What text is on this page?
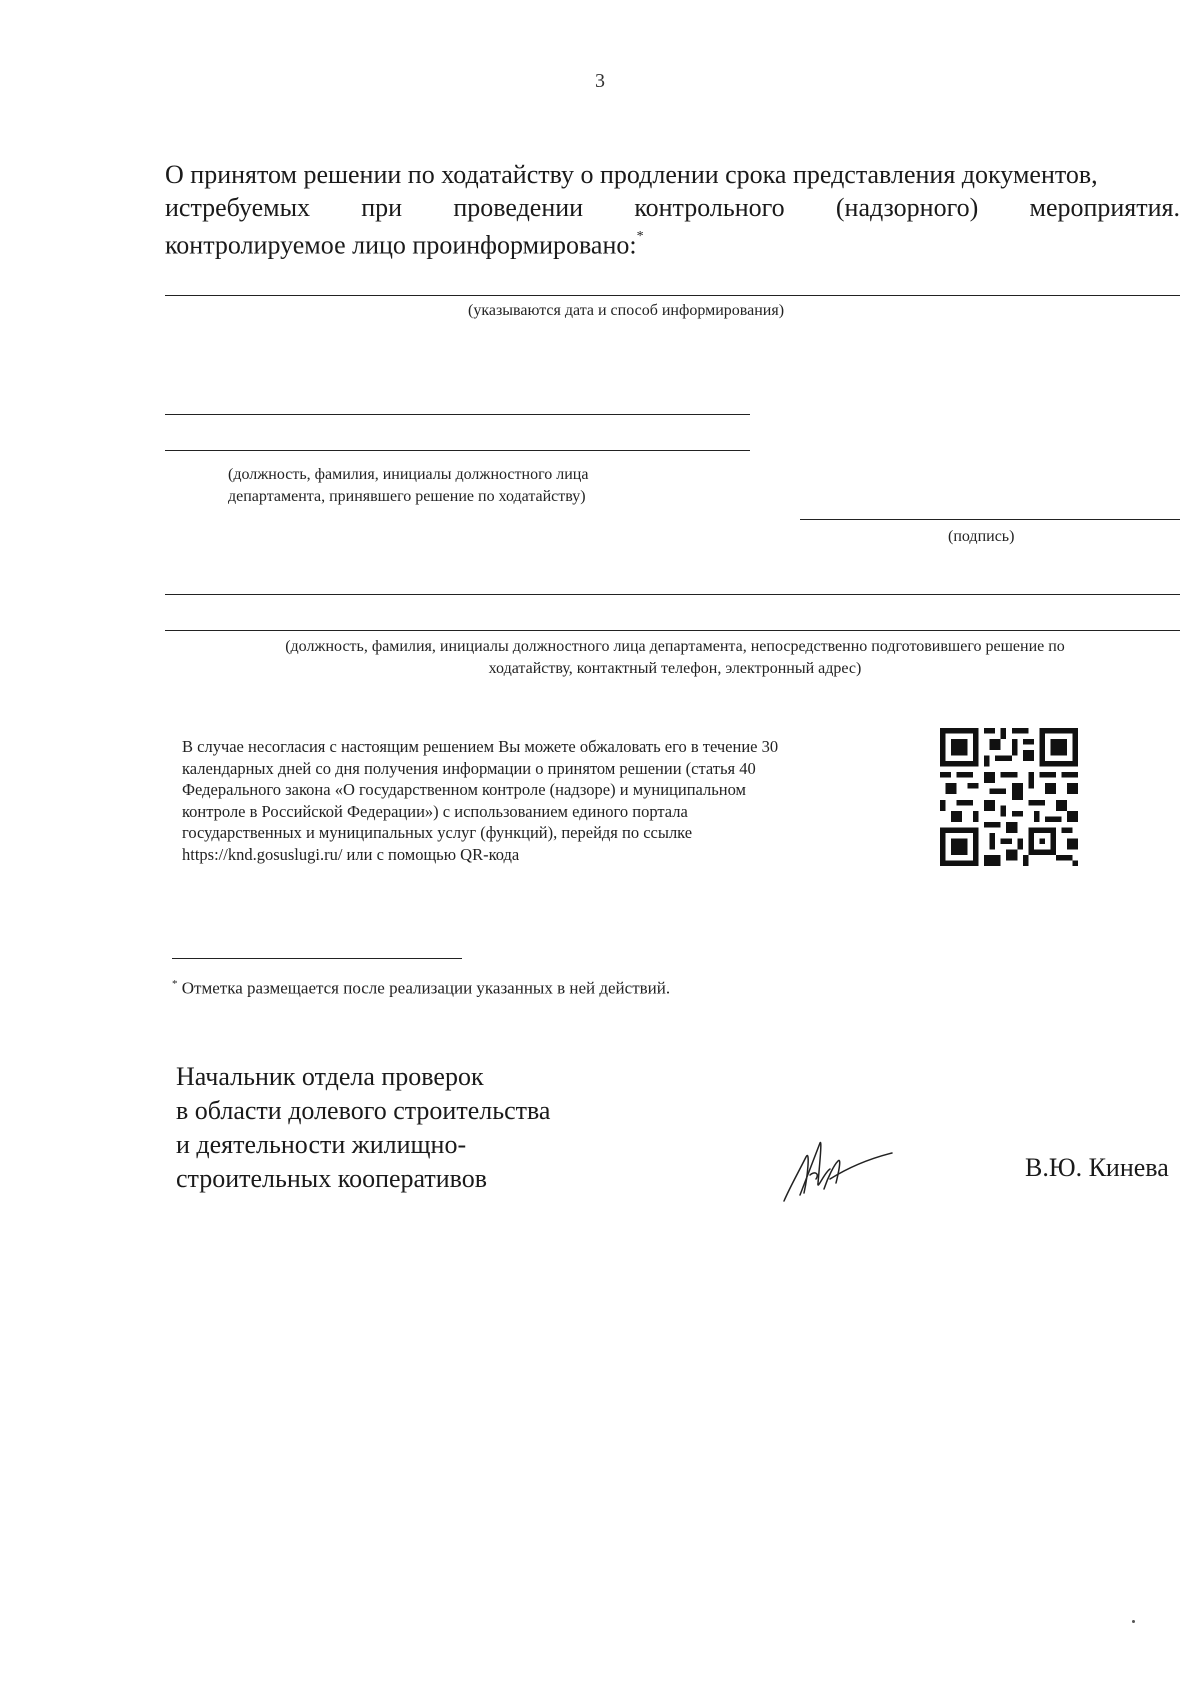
3
О принятом решении по ходатайству о продлении срока представления документов,
истребуемых при проведении контрольного (надзорного) мероприятия.
контролируемое лицо проинформировано:*
(указываются дата и способ информирования)
(должность, фамилия, инициалы должностного лица
департамента, принявшего решение по ходатайству)
(подпись)
(должность, фамилия, инициалы должностного лица департамента, непосредственно подготовившего решение по
ходатайству, контактный телефон, электронный адрес)
В случае несогласия с настоящим решением Вы можете обжаловать его в течение 30
календарных дней со дня получения информации о принятом решении (статья 40
Федерального закона «О государственном контроле (надзоре) и муниципальном
контроле в Российской Федерации») с использованием единого портала
государственных и муниципальных услуг (функций), перейдя по ссылке
https://knd.gosuslugi.ru/ или с помощью QR-кода
* Отметка размещается после реализации указанных в ней действий.
Начальник отдела проверок
в области долевого строительства
и деятельности жилищно-
строительных кооперативов	В.Ю. Кинева
